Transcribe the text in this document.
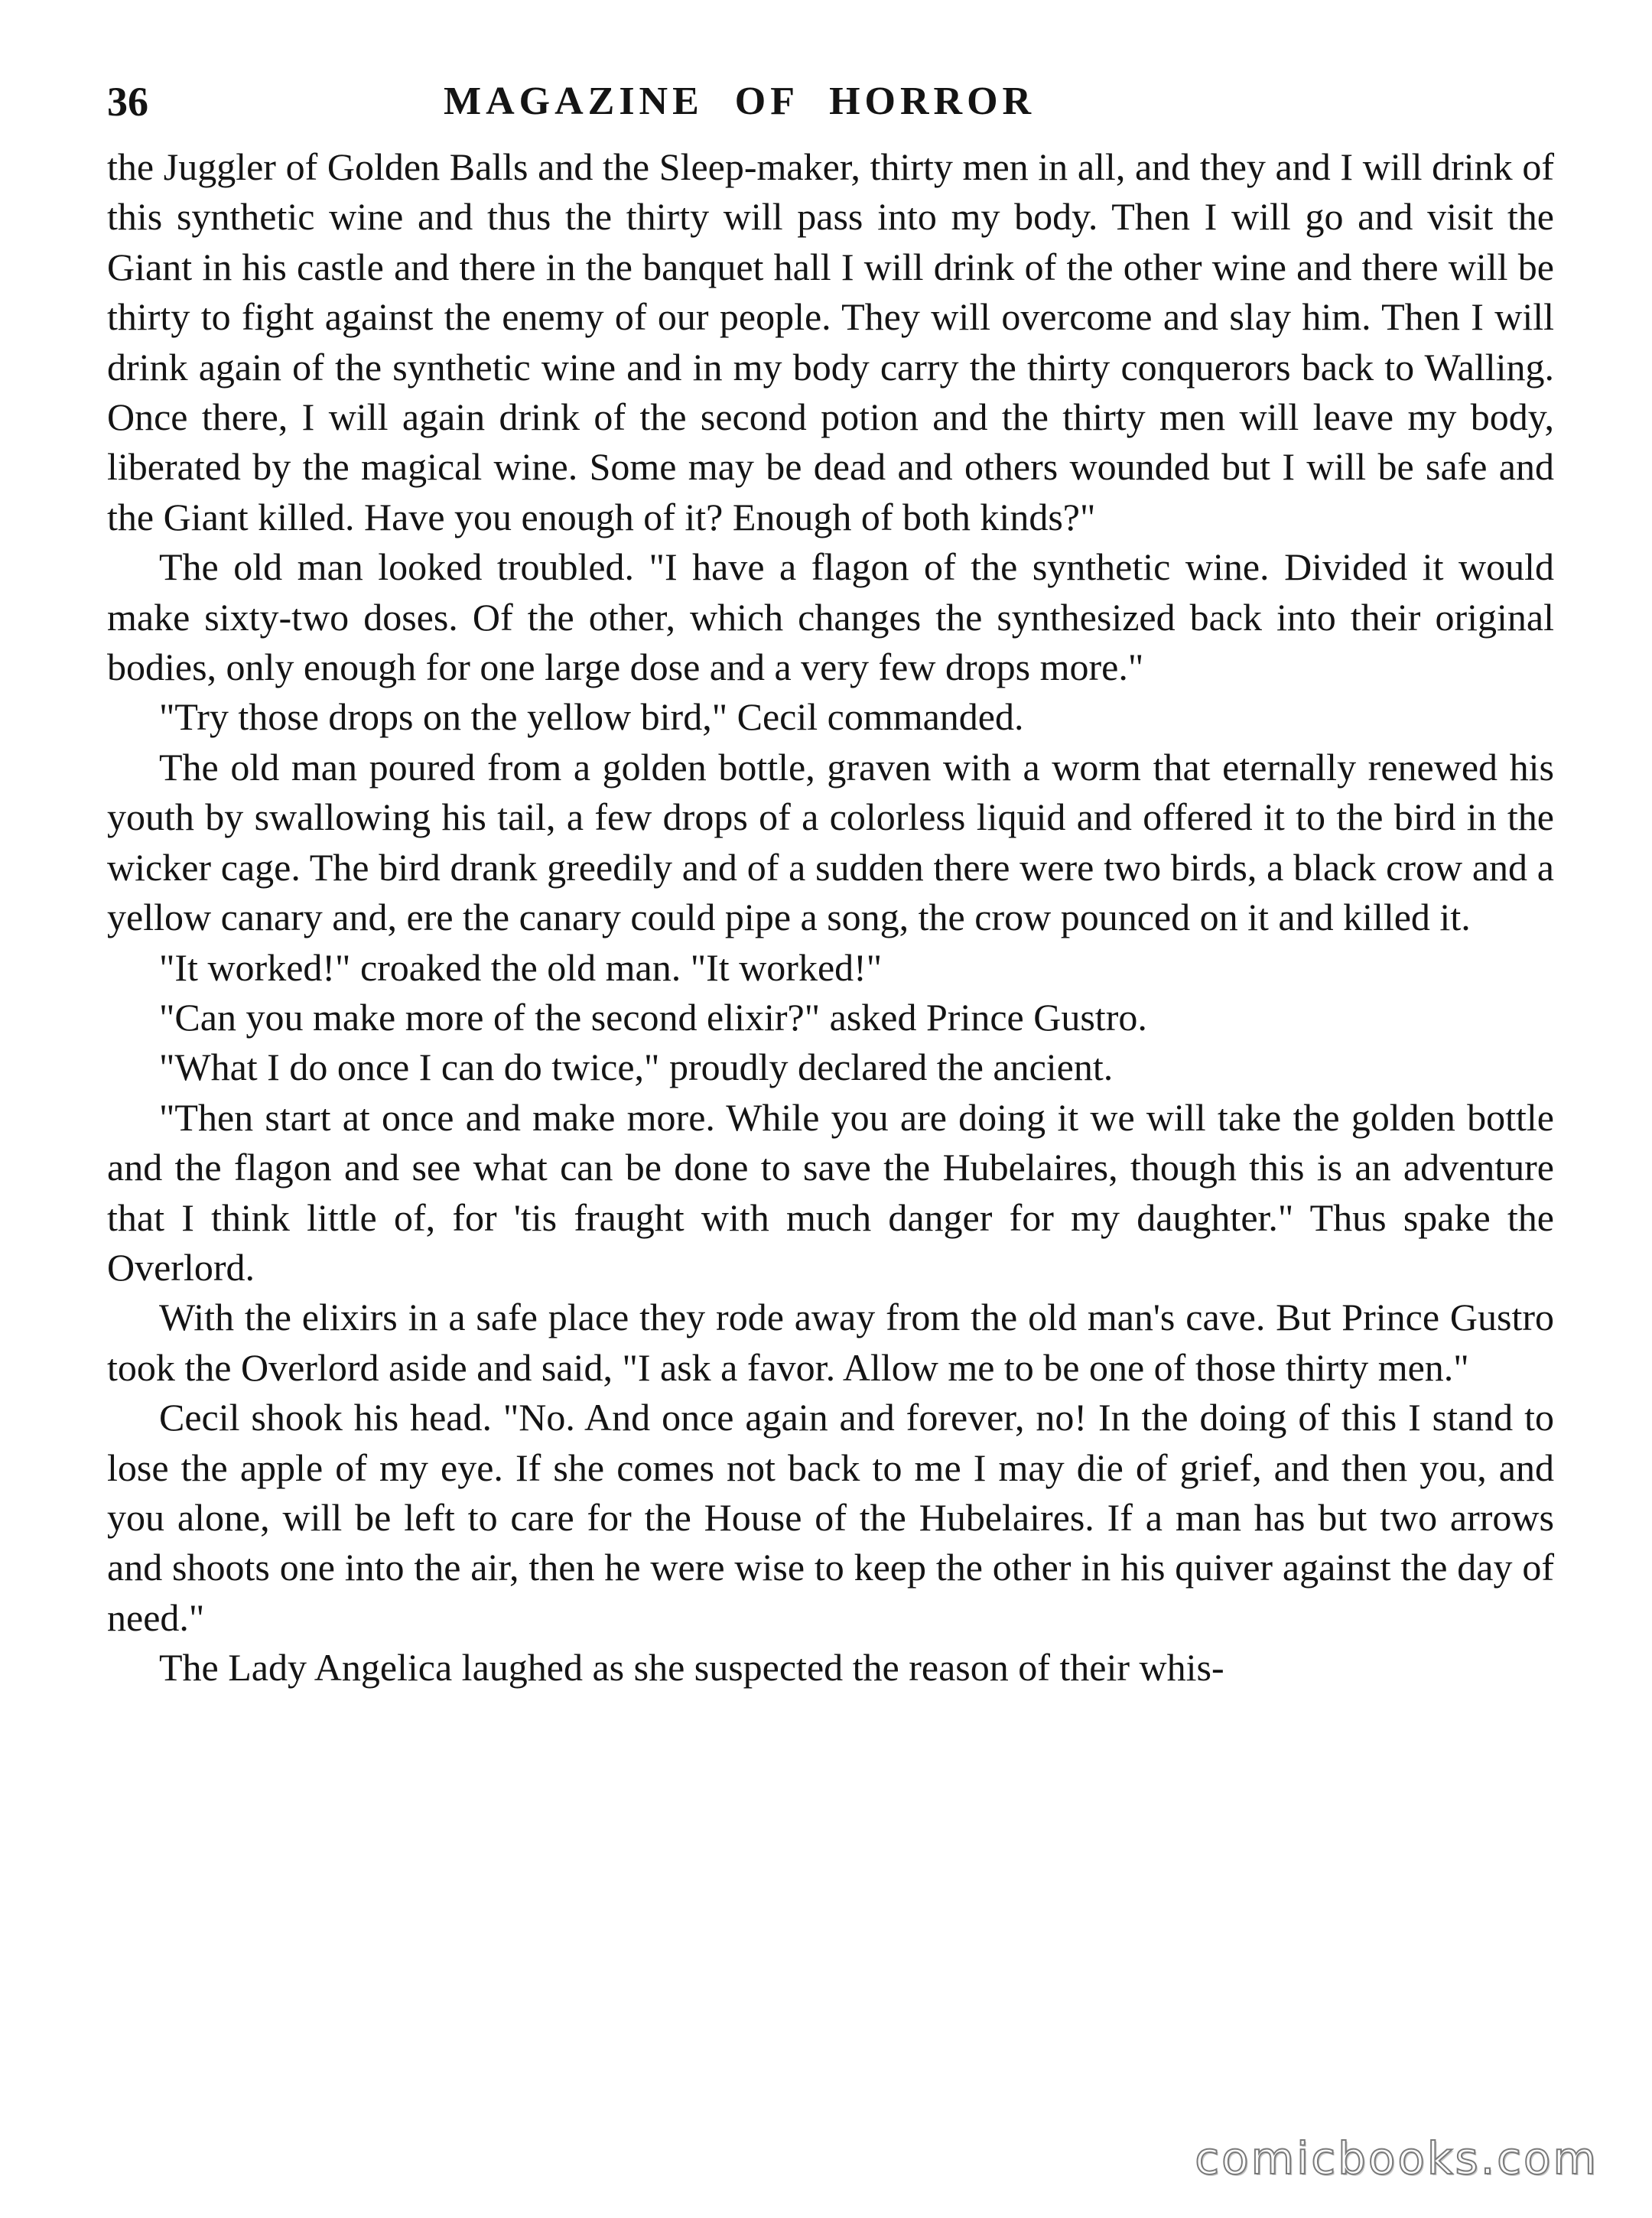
36	MAGAZINE OF HORROR

the Juggler of Golden Balls and the Sleep-maker, thirty men in all, and they and I will drink of this synthetic wine and thus the thirty will pass into my body. Then I will go and visit the Giant in his castle and there in the banquet hall I will drink of the other wine and there will be thirty to fight against the enemy of our people. They will overcome and slay him. Then I will drink again of the synthetic wine and in my body carry the thirty conquerors back to Walling. Once there, I will again drink of the second potion and the thirty men will leave my body, liberated by the magical wine. Some may be dead and others wounded but I will be safe and the Giant killed. Have you enough of it? Enough of both kinds?"

The old man looked troubled. "I have a flagon of the synthetic wine. Divided it would make sixty-two doses. Of the other, which changes the synthesized back into their original bodies, only enough for one large dose and a very few drops more."

"Try those drops on the yellow bird," Cecil commanded.

The old man poured from a golden bottle, graven with a worm that eternally renewed his youth by swallowing his tail, a few drops of a colorless liquid and offered it to the bird in the wicker cage. The bird drank greedily and of a sudden there were two birds, a black crow and a yellow canary and, ere the canary could pipe a song, the crow pounced on it and killed it.

"It worked!" croaked the old man. "It worked!"

"Can you make more of the second elixir?" asked Prince Gustro.

"What I do once I can do twice," proudly declared the ancient.

"Then start at once and make more. While you are doing it we will take the golden bottle and the flagon and see what can be done to save the Hubelaires, though this is an adventure that I think little of, for 'tis fraught with much danger for my daughter." Thus spake the Overlord.

With the elixirs in a safe place they rode away from the old man's cave. But Prince Gustro took the Overlord aside and said, "I ask a favor. Allow me to be one of those thirty men."

Cecil shook his head. "No. And once again and forever, no! In the doing of this I stand to lose the apple of my eye. If she comes not back to me I may die of grief, and then you, and you alone, will be left to care for the House of the Hubelaires. If a man has but two arrows and shoots one into the air, then he were wise to keep the other in his quiver against the day of need."

The Lady Angelica laughed as she suspected the reason of their whis-

comicbooks.com
